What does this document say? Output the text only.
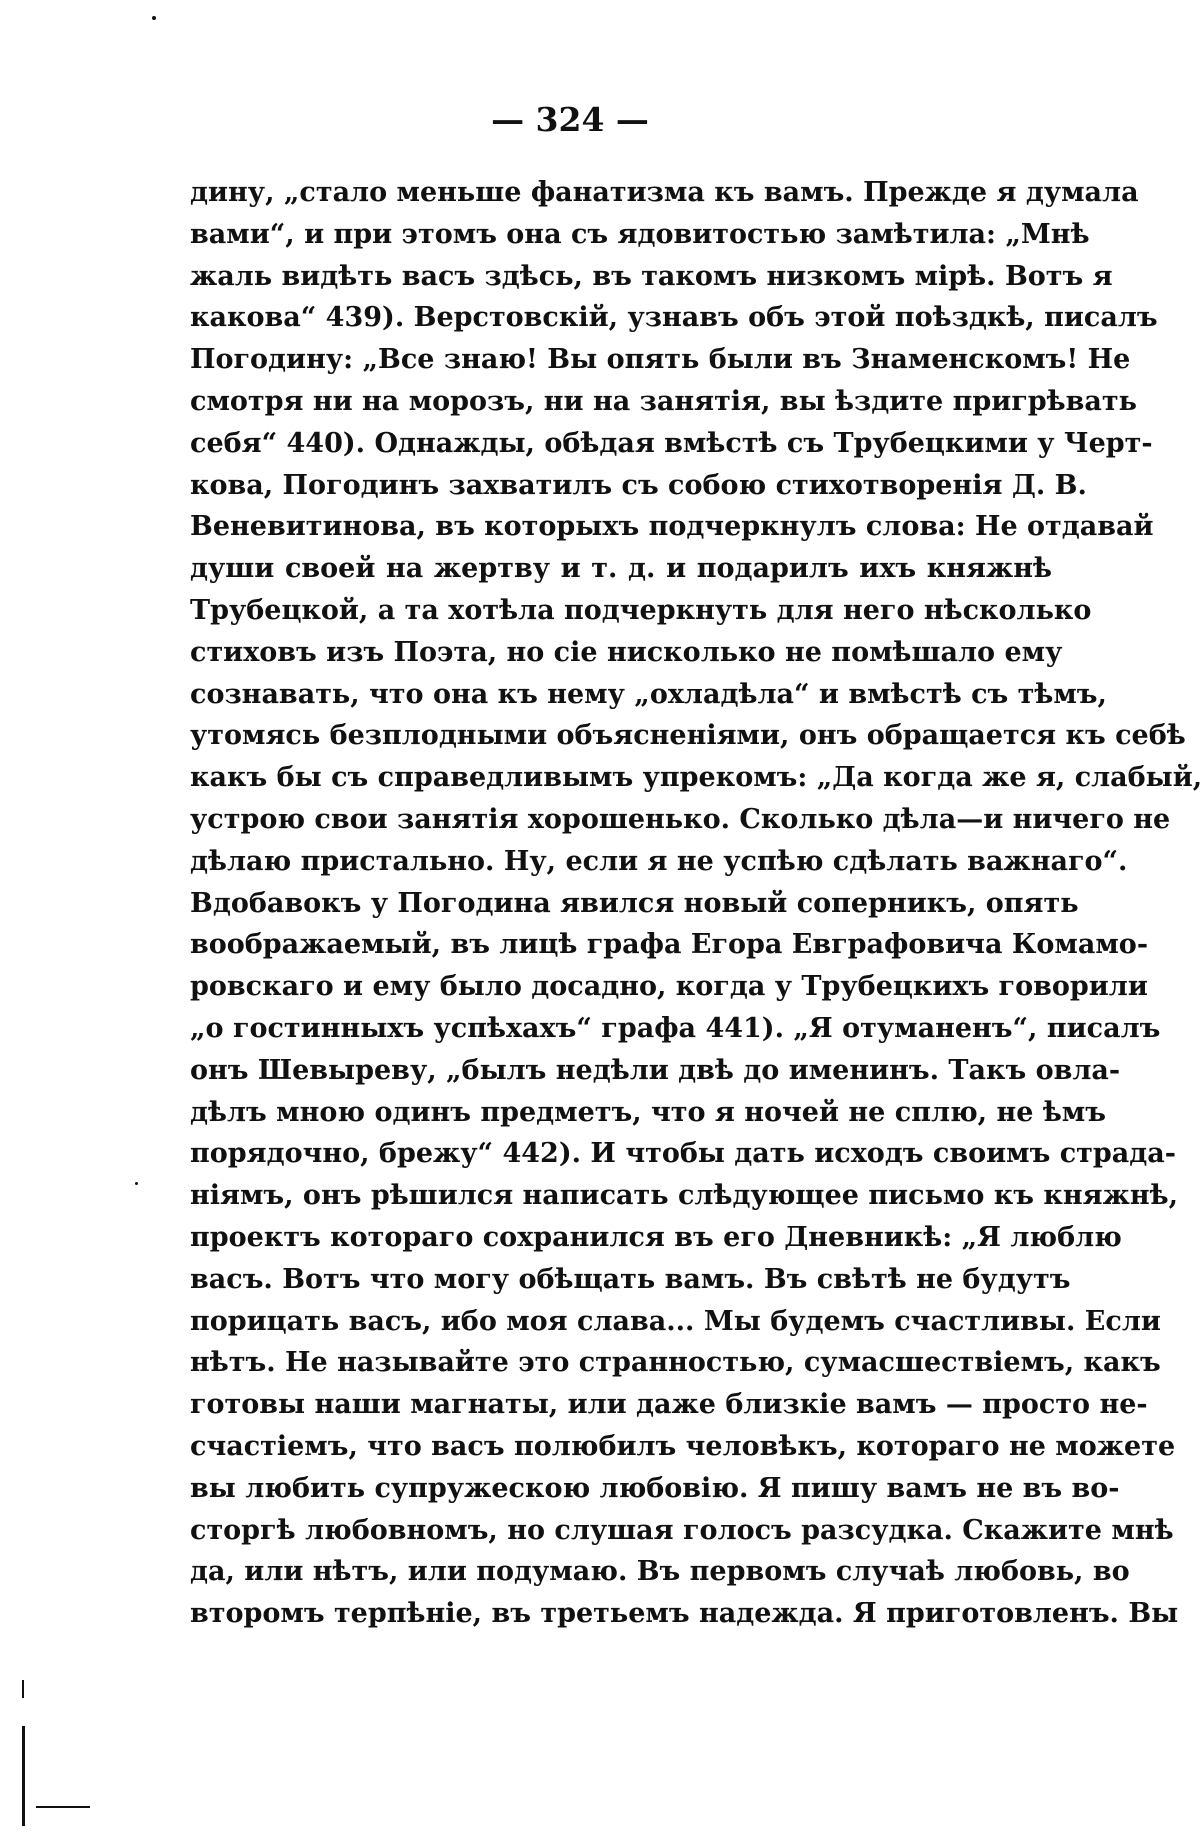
— 324 —
дину, „стало меньше фанатизма къ вамъ. Прежде я думала
вами“, и при этомъ она съ ядовитостью замѣтила: „Мнѣ
жаль видѣть васъ здѣсь, въ такомъ низкомъ мірѣ. Вотъ я
какова“ 439). Верстовскій, узнавъ объ этой поѣздкѣ, писалъ
Погодину: „Все знаю! Вы опять были въ Знаменскомъ! Не
смотря ни на морозъ, ни на занятія, вы ѣздите пригрѣвать
себя“ 440). Однажды, обѣдая вмѣстѣ съ Трубецкими у Черт-
кова, Погодинъ захватилъ съ собою стихотворенія Д. В.
Веневитинова, въ которыхъ подчеркнулъ слова: Не отдавай
души своей на жертву и т. д. и подарилъ ихъ княжнѣ
Трубецкой, а та хотѣла подчеркнуть для него нѣсколько
стиховъ изъ Поэта, но сіе нисколько не помѣшало ему
сознавать, что она къ нему „охладѣла“ и вмѣстѣ съ тѣмъ,
утомясь безплодными объясненіями, онъ обращается къ себѣ
какъ бы съ справедливымъ упрекомъ: „Да когда же я, слабый,
устрою свои занятія хорошенько. Сколько дѣла—и ничего не
дѣлаю пристально. Ну, если я не успѣю сдѣлать важнаго“.
Вдобавокъ у Погодина явился новый соперникъ, опять
воображаемый, въ лицѣ графа Егора Евграфовича Комамо-
ровскаго и ему было досадно, когда у Трубецкихъ говорили
„о гостинныхъ успѣхахъ“ графа 441). „Я отуманенъ“, писалъ
онъ Шевыреву, „былъ недѣли двѣ до именинъ. Такъ овла-
дѣлъ мною одинъ предметъ, что я ночей не сплю, не ѣмъ
порядочно, брежу“ 442). И чтобы дать исходъ своимъ страда-
ніямъ, онъ рѣшился написать слѣдующее письмо къ княжнѣ,
проектъ котораго сохранился въ его Дневникѣ: „Я люблю
васъ. Вотъ что могу обѣщать вамъ. Въ свѣтѣ не будутъ
порицать васъ, ибо моя слава... Мы будемъ счастливы. Если
нѣтъ. Не называйте это странностью, сумасшествіемъ, какъ
готовы наши магнаты, или даже близкіе вамъ — просто не-
счастіемъ, что васъ полюбилъ человѣкъ, котораго не можете
вы любить супружескою любовію. Я пишу вамъ не въ во-
сторгѣ любовномъ, но слушая голосъ разсудка. Скажите мнѣ
да, или нѣтъ, или подумаю. Въ первомъ случаѣ любовь, во
второмъ терпѣніе, въ третьемъ надежда. Я приготовленъ. Вы
